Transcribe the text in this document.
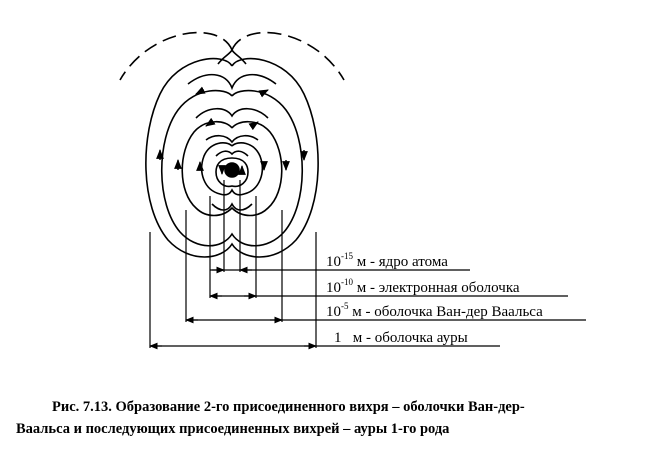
$10^{-15}$ м - ядро атома
$10^{-10}$ м - электронная оболочка
$10^{-5}$ м - оболочка Ван-дер Ваальса
1   м - оболочка ауры
Рис. 7.13. Образование 2-го присоединенного вихря – оболочки Ван-дер-
Ваальса и последующих присоединенных вихрей – ауры 1-го рода
